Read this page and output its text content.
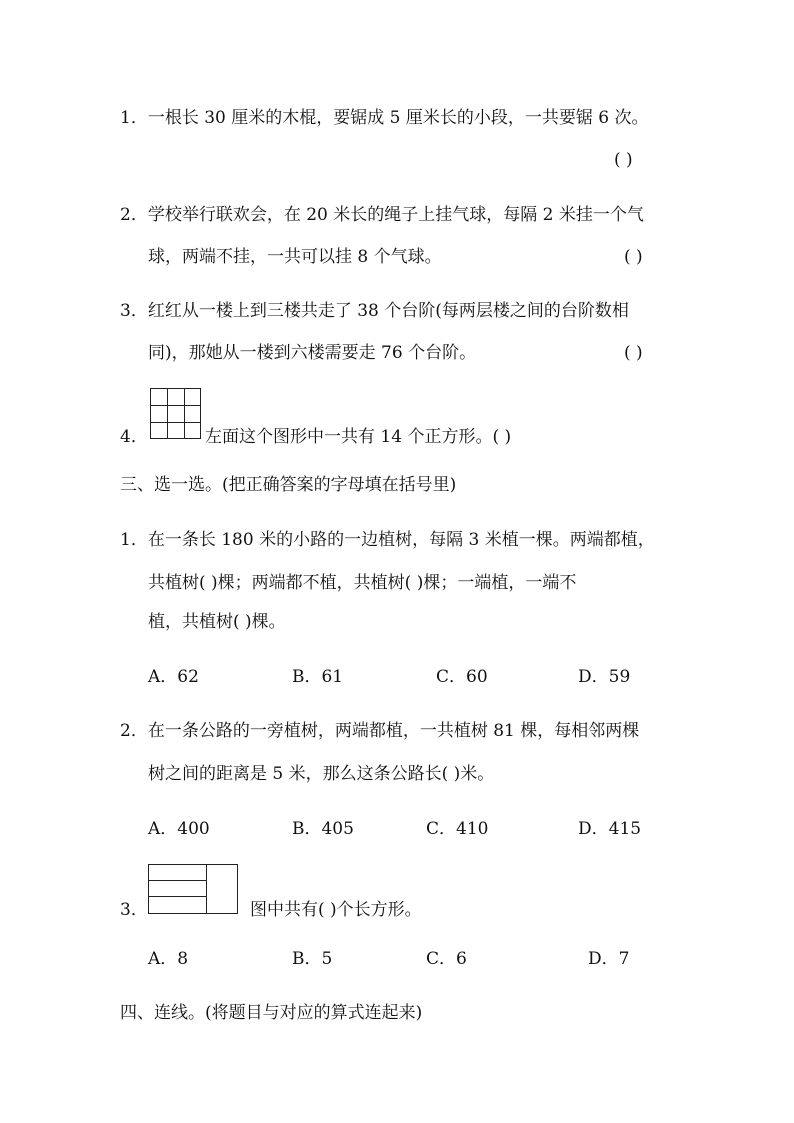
1．一根长 30 厘米的木棍，要锯成 5 厘米长的小段，一共要锯 6 次。
( )
2．学校举行联欢会，在 20 米长的绳子上挂气球，每隔 2 米挂一个气
球，两端不挂，一共可以挂 8 个气球。	( )
3．红红从一楼上到三楼共走了 38 个台阶(每两层楼之间的台阶数相
同)，那她从一楼到六楼需要走 76 个台阶。	( )
4．	左面这个图形中一共有 14 个正方形。( )
三、选一选。(把正确答案的字母填在括号里)
1．在一条长 180 米的小路的一边植树，每隔 3 米植一棵。两端都植，
共植树( )棵；两端都不植，共植树( )棵；一端植，一端不
植，共植树( )棵。
A．62	B．61	C．60	D．59
2．在一条公路的一旁植树，两端都植，一共植树 81 棵，每相邻两棵
树之间的距离是 5 米，那么这条公路长( )米。
A．400	B．405	C．410	D．415
3．	图中共有( )个长方形。
A．8	B．5	C．6	D．7
四、连线。(将题目与对应的算式连起来)
